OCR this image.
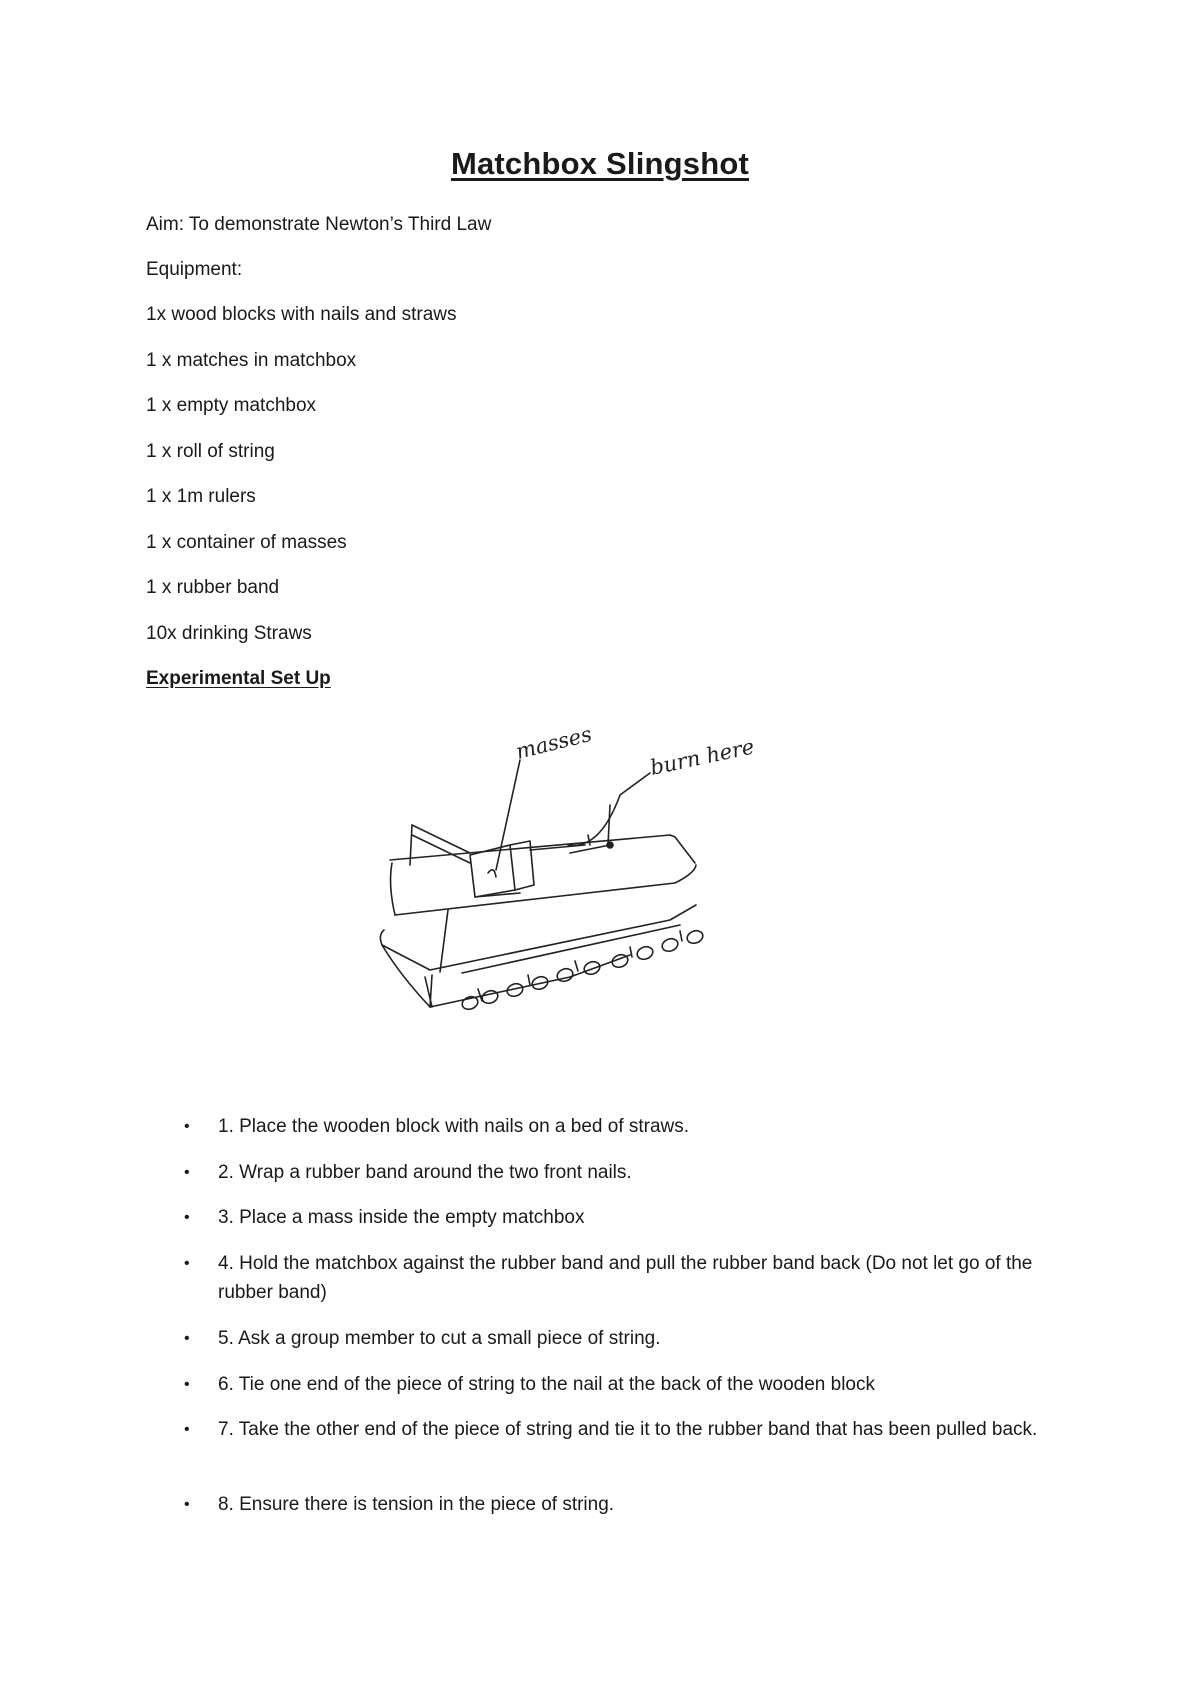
Matchbox Slingshot
Aim: To demonstrate Newton’s Third Law
Equipment:
1x wood blocks with nails and straws
1 x matches in matchbox
1 x empty matchbox
1 x roll of string
1 x 1m rulers
1 x container of masses
1 x rubber band
10x drinking Straws
Experimental Set Up
masses	burn here
• 1. Place the wooden block with nails on a bed of straws.
• 2. Wrap a rubber band around the two front nails.
• 3. Place a mass inside the empty matchbox
• 4. Hold the matchbox against the rubber band and pull the rubber band back (Do not let go of the rubber band)
• 5. Ask a group member to cut a small piece of string.
• 6. Tie one end of the piece of string to the nail at the back of the wooden block
• 7. Take the other end of the piece of string and tie it to the rubber band that has been pulled back.
• 8. Ensure there is tension in the piece of string.
